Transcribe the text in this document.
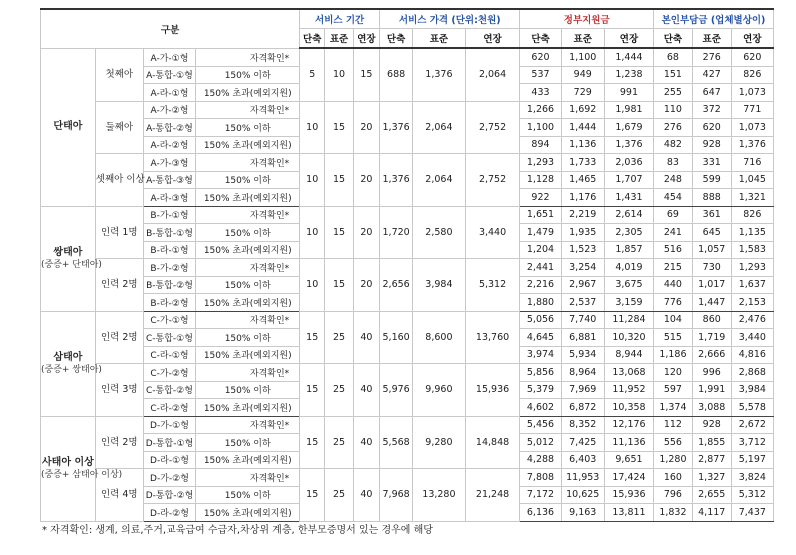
구분				서비스 기간			서비스 가격 (단위:천원)			정부지원금			본인부담금 (업체별상이)		
				단축	표준	연장	단축	표준	연장	단축	표준	연장	단축	표준	연장

단태아	첫째아	A-가-①형	자격확인*	5	10	15	688	1,376	2,064	620	1,100	1,444	68	276	620
		A-통합-①형	150% 이하							537	949	1,238	151	427	826
		A-라-①형	150% 초과(예외지원)							433	729	991	255	647	1,073
	둘째아	A-가-②형	자격확인*	10	15	20	1,376	2,064	2,752	1,266	1,692	1,981	110	372	771
		A-통합-②형	150% 이하							1,100	1,444	1,679	276	620	1,073
		A-라-②형	150% 초과(예외지원)							894	1,136	1,376	482	928	1,376
	셋째아 이상	A-가-③형	자격확인*	10	15	20	1,376	2,064	2,752	1,293	1,733	2,036	83	331	716
		A-통합-③형	150% 이하							1,128	1,465	1,707	248	599	1,045
		A-라-③형	150% 초과(예외지원)							922	1,176	1,431	454	888	1,321

쌍태아
(중증+ 단태아)	인력 1명	B-가-①형	자격확인*	10	15	20	1,720	2,580	3,440	1,651	2,219	2,614	69	361	826
		B-통합-①형	150% 이하							1,479	1,935	2,305	241	645	1,135
		B-라-①형	150% 초과(예외지원)							1,204	1,523	1,857	516	1,057	1,583
	인력 2명	B-가-②형	자격확인*	10	15	20	2,656	3,984	5,312	2,441	3,254	4,019	215	730	1,293
		B-통합-②형	150% 이하							2,216	2,967	3,675	440	1,017	1,637
		B-라-②형	150% 초과(예외지원)							1,880	2,537	3,159	776	1,447	2,153

삼태아
(중증+ 쌍태아)	인력 2명	C-가-①형	자격확인*	15	25	40	5,160	8,600	13,760	5,056	7,740	11,284	104	860	2,476
		C-통합-①형	150% 이하							4,645	6,881	10,320	515	1,719	3,440
		C-라-①형	150% 초과(예외지원)							3,974	5,934	8,944	1,186	2,666	4,816
	인력 3명	C-가-②형	자격확인*	15	25	40	5,976	9,960	15,936	5,856	8,964	13,068	120	996	2,868
		C-통합-②형	150% 이하							5,379	7,969	11,952	597	1,991	3,984
		C-라-②형	150% 초과(예외지원)							4,602	6,872	10,358	1,374	3,088	5,578

사태아 이상
(중증+ 삼태아 이상)	인력 2명	D-가-①형	자격확인*	15	25	40	5,568	9,280	14,848	5,456	8,352	12,176	112	928	2,672
		D-통합-①형	150% 이하							5,012	7,425	11,136	556	1,855	3,712
		D-라-①형	150% 초과(예외지원)							4,288	6,403	9,651	1,280	2,877	5,197
	인력 4명	D-가-②형	자격확인*	15	25	40	7,968	13,280	21,248	7,808	11,953	17,424	160	1,327	3,824
		D-통합-②형	150% 이하							7,172	10,625	15,936	796	2,655	5,312
		D-라-②형	150% 초과(예외지원)							6,136	9,163	13,811	1,832	4,117	7,437
* 자격확인: 생계, 의료,주거,교육급여 수급자,차상위 계층, 한부모증명서 있는 경우에 해당
